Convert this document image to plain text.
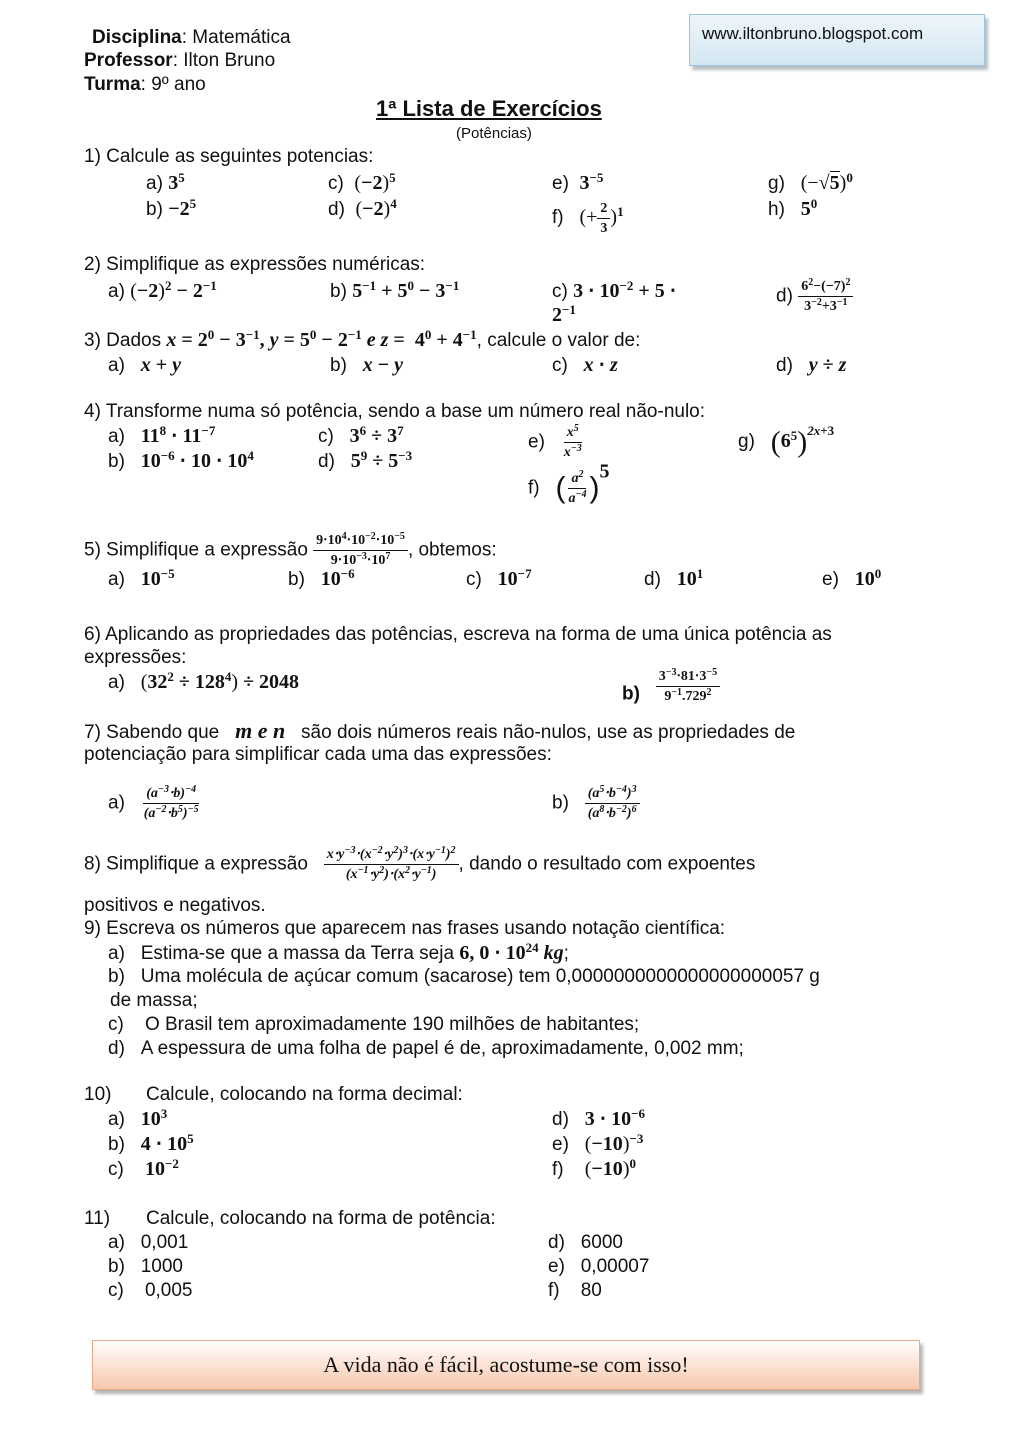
Disciplina: Matemática
Professor: Ilton Bruno
Turma: 9º ano
www.iltonbruno.blogspot.com
1ª Lista de Exercícios
(Potências)
1) Calcule as seguintes potencias:
a) $3^5$
$b) -2^5$
c)  $(-2)^5$
d)  $(-2)^4$
e)  $3^{-5}$
f)   (+ $\frac{2}{3} )^1$
g)   $(-√5)^0$
h)   $5^0$
2) Simplifique as expressões numéricas:
a) $(-2)^2 - 2^{-1}$	b) $5^{-1} + 5^0 - 3^{-1}$	c) $3 \cdot 10^{-2} + 5$ ⋅
$2^{-1}$
$d) \frac{6^2-(-7)^2}{3^{-2}+3^{-1}}$
3) Dados $x = 2^0 - 3^{-1}$, $y = 5^0 - 2^{-1}$ e $z = 4^0 + 4^{-1}$, calcule o valor de:
a)   x + y	b)   x − y	c)   x ⋅ z	d)   y ÷ z
4) Transforme numa só potência, sendo a base um número real não-nulo:
a)   $11^8 \cdot 11^{-7}$
b)   $10^{-6} \cdot 10 \cdot 10^4$
c)   $3^6 \div 3^7$
d)   $5^9 \div 5^{-3}$
$e) \frac{x^5}{x^{-3}}$
f)   ( $\frac{a^2}{a^{-4}} )^5$
g)   $(6^5)^{2x+3}$
5) Simplifique a expressão $\frac{9\cdot 10^4\cdot 10^{-2}\cdot 10^{-5}}{9\cdot 10^{-3}\cdot 10^7}$ , obtemos:
a)   $10^{-5}$	b)   $10^{-6}$	c)   $10^{-7}$	d)   $10^1$	e)   $10^0$
6) Aplicando as propriedades das potências, escreva na forma de uma única potência as
expressões:
a)   $(32^2 \div 128^4) \div 2048$
$b) \frac{3^{-3}\cdot 81\cdot 3^{-5}}{9^{-1}.729^2}$
7) Sabendo que m e n são dois números reais não-nulos, use as propriedades de
potenciação para simplificar cada uma das expressões:
$a) \frac{(a^{-3}\cdot b)^{-4}}{(a^{-2}\cdot b^5)^{-5}}$	$b) \frac{(a^5\cdot b^{-4})^3}{(a^8\cdot b^{-2})^6}$
8) Simplifique a expressão $\frac{x\cdot y^{-3}\cdot(x^{-2}\cdot y^2)^3\cdot(x\cdot y^{-1})^2}{(x^{-1}\cdot y^2)\cdot(x^2\cdot y^{-1})}$ , dando o resultado com expoentes
positivos e negativos.
9) Escreva os números que aparecem nas frases usando notação científica:
a)   Estima-se que a massa da Terra seja 6, $0 \cdot 10^{24}$ kg;
b)   Uma molécula de açúcar comum (sacarose) tem 0,0000000000000000000057 g
de massa;
c)    O Brasil tem aproximadamente 190 milhões de habitantes;
d)   A espessura de uma folha de papel é de, aproximadamente, 0,002 mm;
10) Calcule, colocando na forma decimal:
a)   $10^3$
b)   $4 \cdot 10^5$
c)    $10^{-2}$
d)   $3 \cdot 10^{-6}$
e)   $(-10)^{-3}$
f)    $(-10)^0$
11) Calcule, colocando na forma de potência:
a)   0,001
b)   1000
c)    0,005
d)   6000
e)   0,00007
f)    80
A vida não é fácil, acostume-se com isso!
